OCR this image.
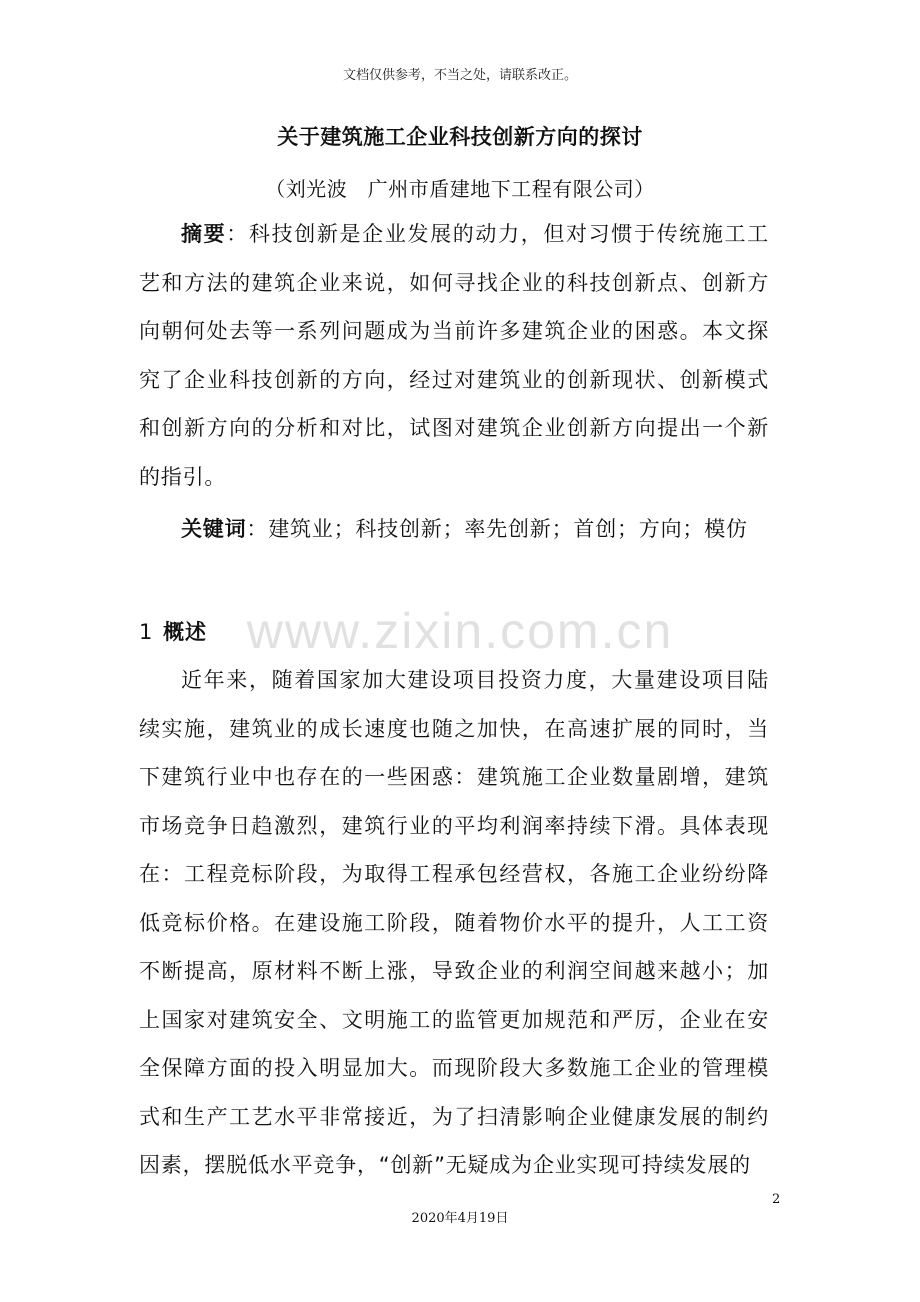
文档仅供参考，不当之处，请联系改正。
关于建筑施工企业科技创新方向的探讨
（刘光波　广州市盾建地下工程有限公司）

摘要：科技创新是企业发展的动力，但对习惯于传统施工工艺和方法的建筑企业来说，如何寻找企业的科技创新点、创新方向朝何处去等一系列问题成为当前许多建筑企业的困惑。本文探究了企业科技创新的方向，经过对建筑业的创新现状、创新模式和创新方向的分析和对比，试图对建筑企业创新方向提出一个新的指引。

关键词：建筑业；科技创新；率先创新；首创；方向；模仿

1 概述

近年来，随着国家加大建设项目投资力度，大量建设项目陆续实施，建筑业的成长速度也随之加快，在高速扩展的同时，当下建筑行业中也存在的一些困惑：建筑施工企业数量剧增，建筑市场竞争日趋激烈，建筑行业的平均利润率持续下滑。具体表现在：工程竞标阶段，为取得工程承包经营权，各施工企业纷纷降低竞标价格。在建设施工阶段，随着物价水平的提升，人工工资不断提高，原材料不断上涨，导致企业的利润空间越来越小；加上国家对建筑安全、文明施工的监管更加规范和严厉，企业在安全保障方面的投入明显加大。而现阶段大多数施工企业的管理模式和生产工艺水平非常接近，为了扫清影响企业健康发展的制约因素，摆脱低水平竞争，“创新”无疑成为企业实现可持续发展的

www.zixin.com.cn
2
2020年4月19日
